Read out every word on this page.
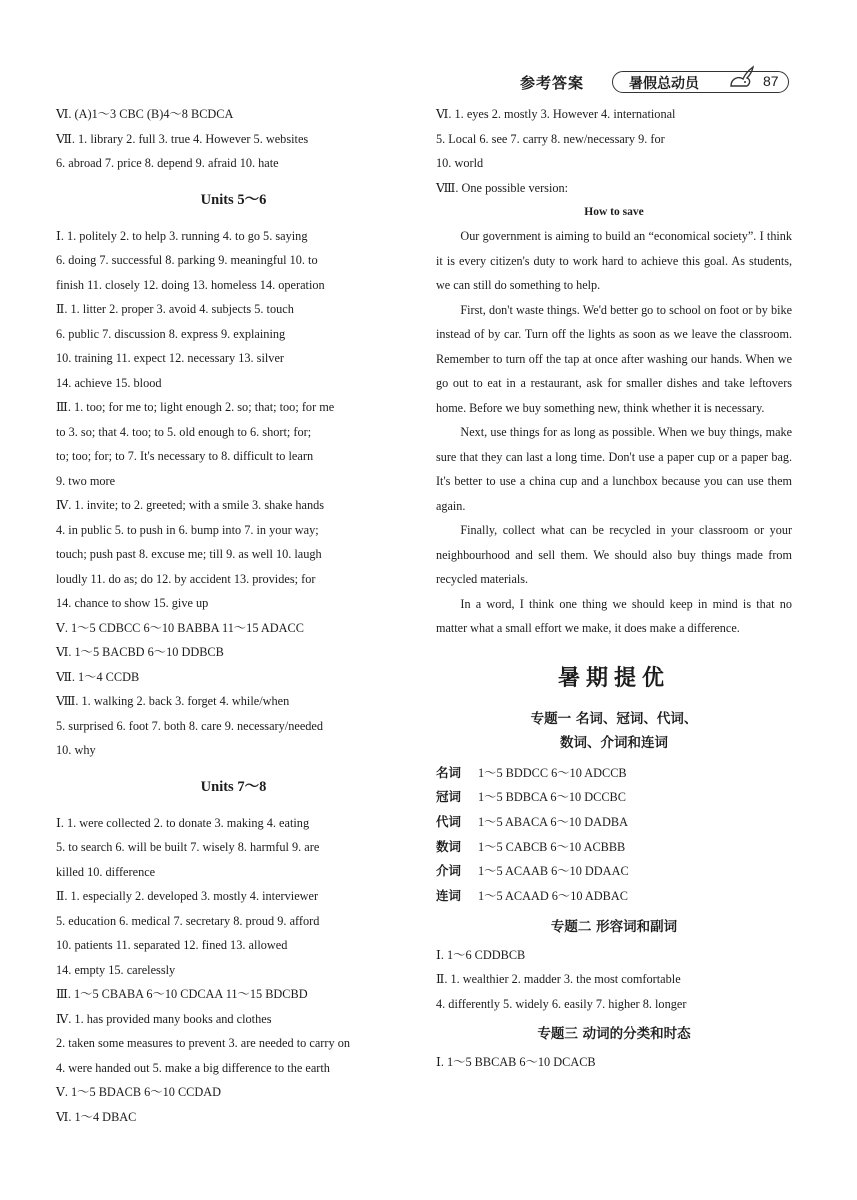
参考答案	暑假总动员	87
Ⅵ. (A)1～3 CBC (B)4～8 BCDCA
Ⅶ. 1. library 2. full 3. true 4. However 5. websites
6. abroad 7. price 8. depend 9. afraid 10. hate
Units 5～6
Ⅰ. 1. politely 2. to help 3. running 4. to go 5. saying
6. doing 7. successful 8. parking 9. meaningful 10. to
finish 11. closely 12. doing 13. homeless 14. operation
Ⅱ. 1. litter 2. proper 3. avoid 4. subjects 5. touch
6. public 7. discussion 8. express 9. explaining
10. training 11. expect 12. necessary 13. silver
14. achieve 15. blood
Ⅲ. 1. too; for me to; light enough 2. so; that; too; for me
to 3. so; that 4. too; to 5. old enough to 6. short; for;
to; too; for; to 7. It's necessary to 8. difficult to learn
9. two more
Ⅳ. 1. invite; to 2. greeted; with a smile 3. shake hands
4. in public 5. to push in 6. bump into 7. in your way;
touch; push past 8. excuse me; till 9. as well 10. laugh
loudly 11. do as; do 12. by accident 13. provides; for
14. chance to show 15. give up
Ⅴ. 1～5 CDBCC 6～10 BABBA 11～15 ADACC
Ⅵ. 1～5 BACBD 6～10 DDBCB
Ⅶ. 1～4 CCDB
Ⅷ. 1. walking 2. back 3. forget 4. while/when
5. surprised 6. foot 7. both 8. care 9. necessary/needed
10. why
Units 7～8
Ⅰ. 1. were collected 2. to donate 3. making 4. eating
5. to search 6. will be built 7. wisely 8. harmful 9. are
killed 10. difference
Ⅱ. 1. especially 2. developed 3. mostly 4. interviewer
5. education 6. medical 7. secretary 8. proud 9. afford
10. patients 11. separated 12. fined 13. allowed
14. empty 15. carelessly
Ⅲ. 1～5 CBABA 6～10 CDCAA 11～15 BDCBD
Ⅳ. 1. has provided many books and clothes
2. taken some measures to prevent 3. are needed to carry on
4. were handed out 5. make a big difference to the earth
Ⅴ. 1～5 BDACB 6～10 CCDAD
Ⅵ. 1～4 DBAC
Ⅵ. 1. eyes 2. mostly 3. However 4. international
5. Local 6. see 7. carry 8. new/necessary 9. for
10. world
Ⅷ. One possible version:
How to save
Our government is aiming to build an “economical society”. I think it is every citizen's duty to work hard to achieve this goal. As students, we can still do something to help.
First, don't waste things. We'd better go to school on foot or by bike instead of by car. Turn off the lights as soon as we leave the classroom. Remember to turn off the tap at once after washing our hands. When we go out to eat in a restaurant, ask for smaller dishes and take leftovers home. Before we buy something new, think whether it is necessary.
Next, use things for as long as possible. When we buy things, make sure that they can last a long time. Don't use a paper cup or a paper bag. It's better to use a china cup and a lunchbox because you can use them again.
Finally, collect what can be recycled in your classroom or your neighbourhood and sell them. We should also buy things made from recycled materials.
In a word, I think one thing we should keep in mind is that no matter what a small effort we make, it does make a difference.
暑期提优
专题一 名词、冠词、代词、
数词、介词和连词
名词 1～5 BDDCC 6～10 ADCCB
冠词 1～5 BDBCA 6～10 DCCBC
代词 1～5 ABACA 6～10 DADBA
数词 1～5 CABCB 6～10 ACBBB
介词 1～5 ACAAB 6～10 DDAAC
连词 1～5 ACAAD 6～10 ADBAC
专题二 形容词和副词
Ⅰ. 1～6 CDDBCB
Ⅱ. 1. wealthier 2. madder 3. the most comfortable
4. differently 5. widely 6. easily 7. higher 8. longer
专题三 动词的分类和时态
Ⅰ. 1～5 BBCAB 6～10 DCACB
